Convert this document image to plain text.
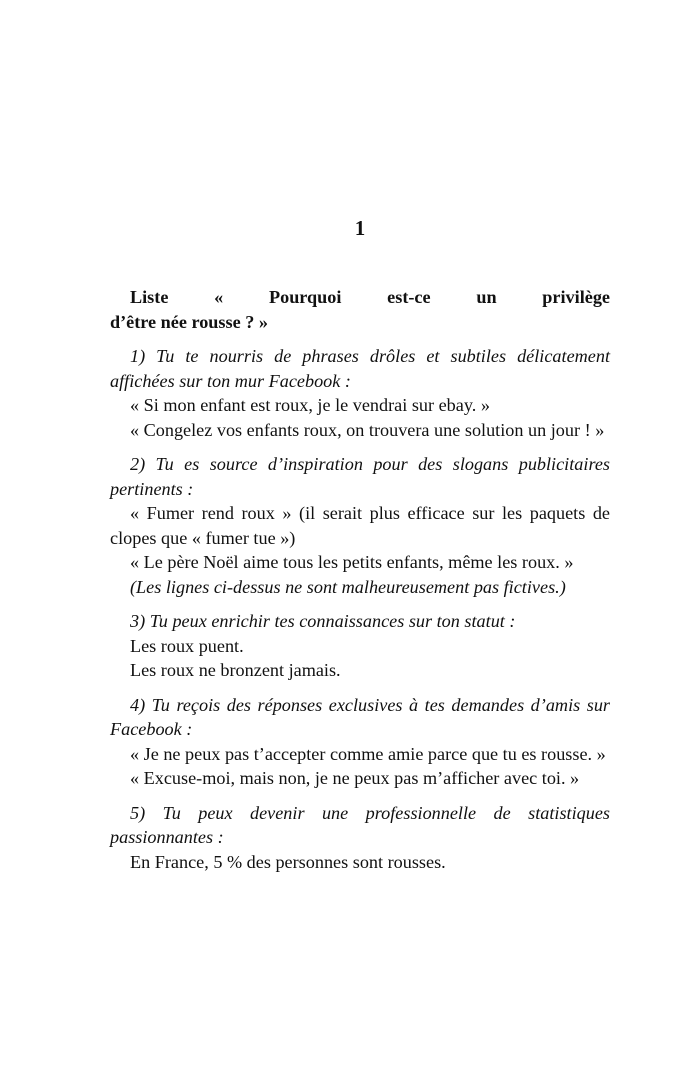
1

Liste « Pourquoi est-ce un privilège
d’être née rousse ? »

1) Tu te nourris de phrases drôles et subtiles délicatement affichées sur ton mur Facebook :

« Si mon enfant est roux, je le vendrai sur ebay. »

« Congelez vos enfants roux, on trouvera une solution un jour ! »

2) Tu es source d’inspiration pour des slogans publicitaires pertinents :

« Fumer rend roux » (il serait plus efficace sur les paquets de clopes que « fumer tue »)

« Le père Noël aime tous les petits enfants, même les roux. »

(Les lignes ci-dessus ne sont malheureusement pas fictives.)

3) Tu peux enrichir tes connaissances sur ton statut :

Les roux puent.

Les roux ne bronzent jamais.

4) Tu reçois des réponses exclusives à tes demandes d’amis sur Facebook :

« Je ne peux pas t’accepter comme amie parce que tu es rousse. »

« Excuse-moi, mais non, je ne peux pas m’afficher avec toi. »

5) Tu peux devenir une professionnelle de statistiques passionnantes :

En France, 5 % des personnes sont rousses.
